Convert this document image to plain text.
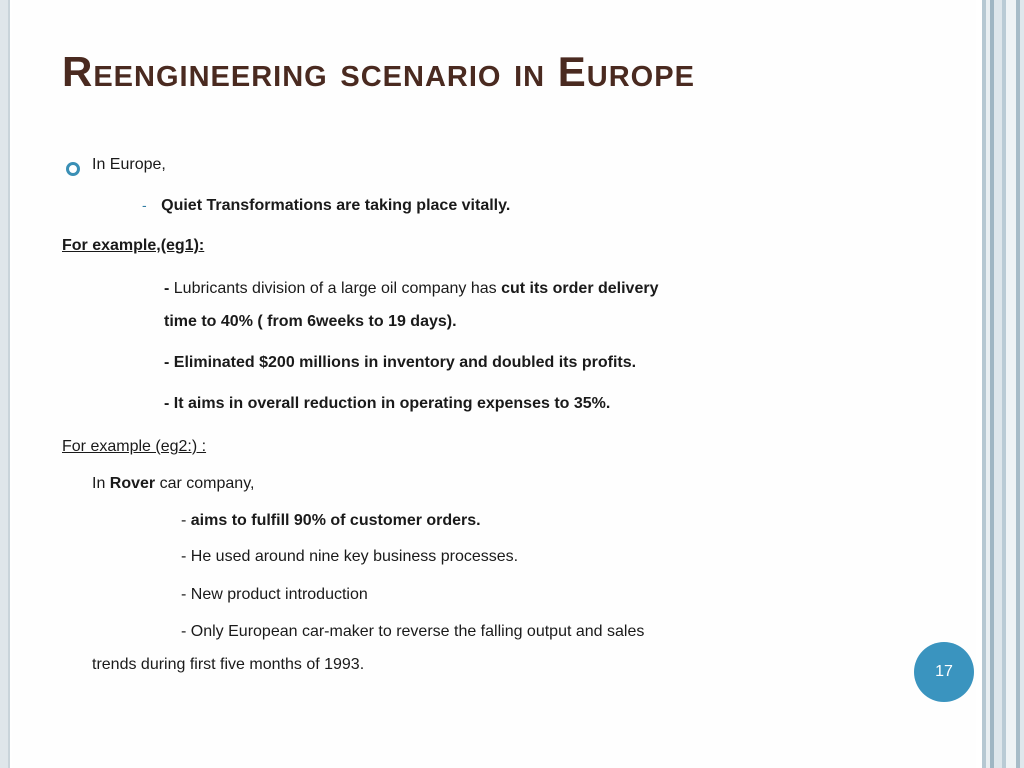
Reengineering scenario in Europe
In Europe,
- Quiet Transformations are taking place vitally.
For example,(eg1):
- Lubricants division of a large oil company has cut its order delivery
time to 40% ( from 6weeks to 19 days).
- Eliminated $200 millions in inventory and doubled its profits.
- It aims in overall reduction in operating expenses to 35%.
For example (eg2:) :
In Rover car company,
- aims to fulfill 90% of customer orders.
- He used around nine key business processes.
- New product introduction
- Only European car-maker to reverse the falling output and sales
trends during first five months of 1993.	17
